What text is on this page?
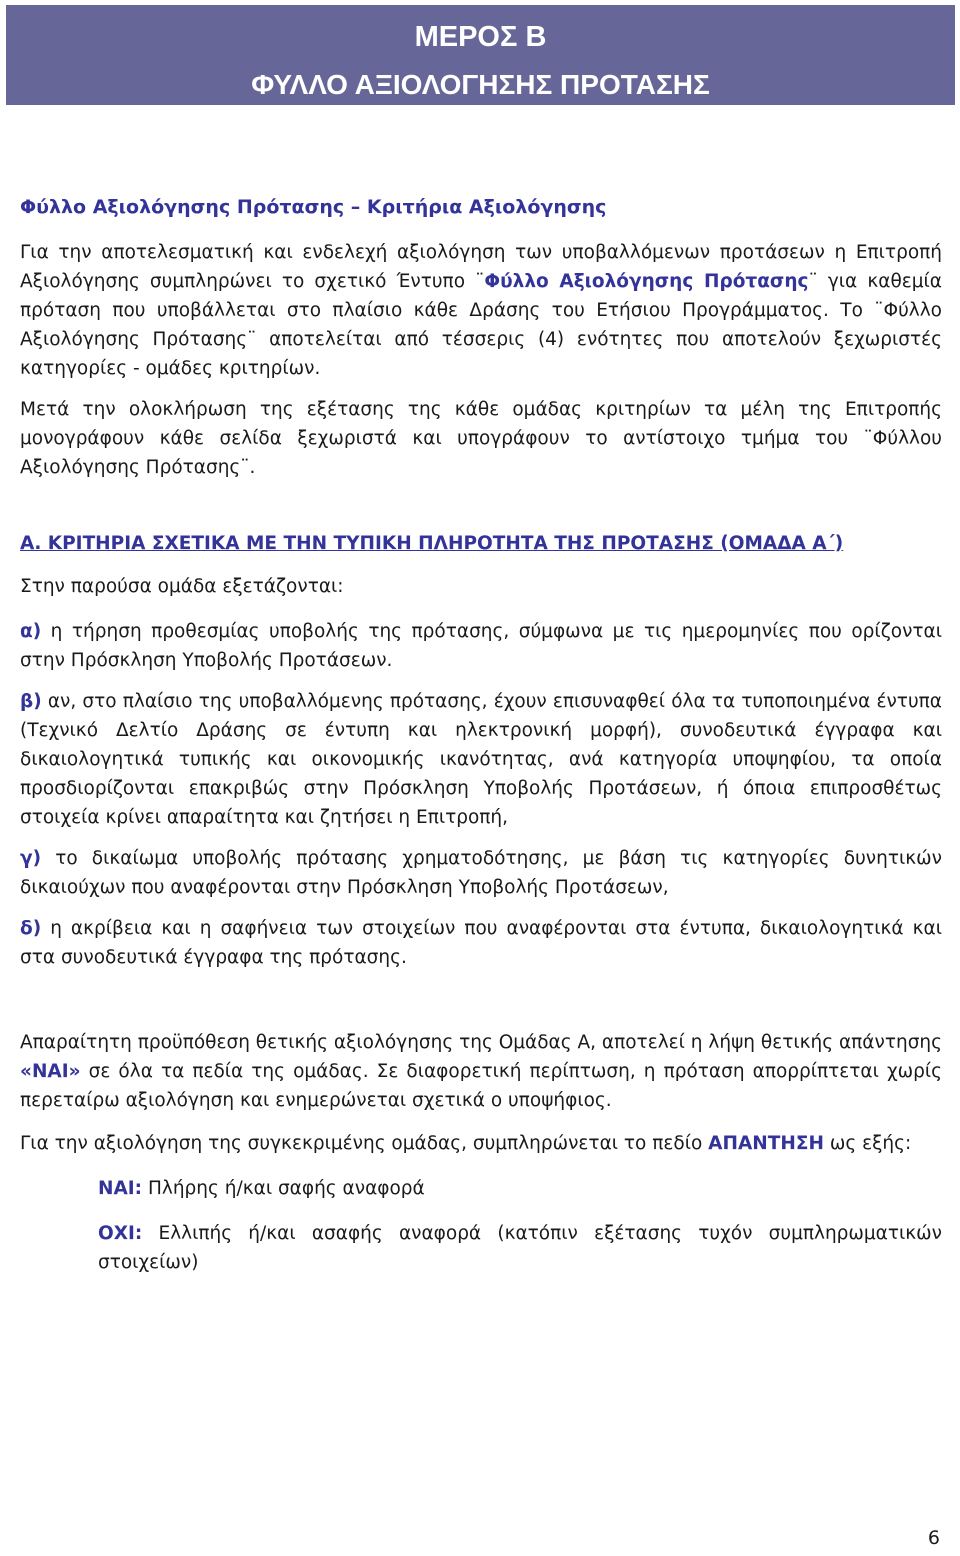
ΜΕΡΟΣ Β
ΦΥΛΛΟ ΑΞΙΟΛΟΓΗΣΗΣ ΠΡΟΤΑΣΗΣ
Φύλλο Αξιολόγησης Πρότασης – Κριτήρια Αξιολόγησης

Για την αποτελεσματική και ενδελεχή αξιολόγηση των υποβαλλόμενων προτάσεων η Επιτροπή Αξιολόγησης συμπληρώνει το σχετικό Έντυπο ¨Φύλλο Αξιολόγησης Πρότασης¨ για καθεμία πρόταση που υποβάλλεται στο πλαίσιο κάθε Δράσης του Ετήσιου Προγράμματος. Το ¨Φύλλο Αξιολόγησης Πρότασης¨ αποτελείται από τέσσερις (4) ενότητες που αποτελούν ξεχωριστές κατηγορίες - ομάδες κριτηρίων.

Μετά την ολοκλήρωση της εξέτασης της κάθε ομάδας κριτηρίων τα μέλη της Επιτροπής μονογράφουν κάθε σελίδα ξεχωριστά και υπογράφουν το αντίστοιχο τμήμα του ¨Φύλλου Αξιολόγησης Πρότασης¨.

Α. ΚΡΙΤΗΡΙΑ ΣΧΕΤΙΚΑ ΜΕ ΤΗΝ ΤΥΠΙΚΗ ΠΛΗΡΟΤΗΤΑ ΤΗΣ ΠΡΟΤΑΣΗΣ (ΟΜΑΔΑ Α΄)

Στην παρούσα ομάδα εξετάζονται:

α) η τήρηση προθεσμίας υποβολής της πρότασης, σύμφωνα με τις ημερομηνίες που ορίζονται στην Πρόσκληση Υποβολής Προτάσεων.

β) αν, στο πλαίσιο της υποβαλλόμενης πρότασης, έχουν επισυναφθεί όλα τα τυποποιημένα έντυπα (Τεχνικό Δελτίο Δράσης σε έντυπη και ηλεκτρονική μορφή), συνοδευτικά έγγραφα και δικαιολογητικά τυπικής και οικονομικής ικανότητας, ανά κατηγορία υποψηφίου, τα οποία προσδιορίζονται επακριβώς στην Πρόσκληση Υποβολής Προτάσεων, ή όποια επιπροσθέτως στοιχεία κρίνει απαραίτητα και ζητήσει η Επιτροπή,

γ) το δικαίωμα υποβολής πρότασης χρηματοδότησης, με βάση τις κατηγορίες δυνητικών δικαιούχων που αναφέρονται στην Πρόσκληση Υποβολής Προτάσεων,

δ) η ακρίβεια και η σαφήνεια των στοιχείων που αναφέρονται στα έντυπα, δικαιολογητικά και στα συνοδευτικά έγγραφα της πρότασης.

Απαραίτητη προϋπόθεση θετικής αξιολόγησης της Ομάδας Α, αποτελεί η λήψη θετικής απάντησης «ΝΑΙ» σε όλα τα πεδία της ομάδας. Σε διαφορετική περίπτωση, η πρόταση απορρίπτεται χωρίς περεταίρω αξιολόγηση και ενημερώνεται σχετικά ο υποψήφιος.

Για την αξιολόγηση της συγκεκριμένης ομάδας, συμπληρώνεται το πεδίο ΑΠΑΝΤΗΣΗ ως εξής:

ΝΑΙ: Πλήρης ή/και σαφής αναφορά

ΟΧΙ: Ελλιπής ή/και ασαφής αναφορά (κατόπιν εξέτασης τυχόν συμπληρωματικών στοιχείων)

6
